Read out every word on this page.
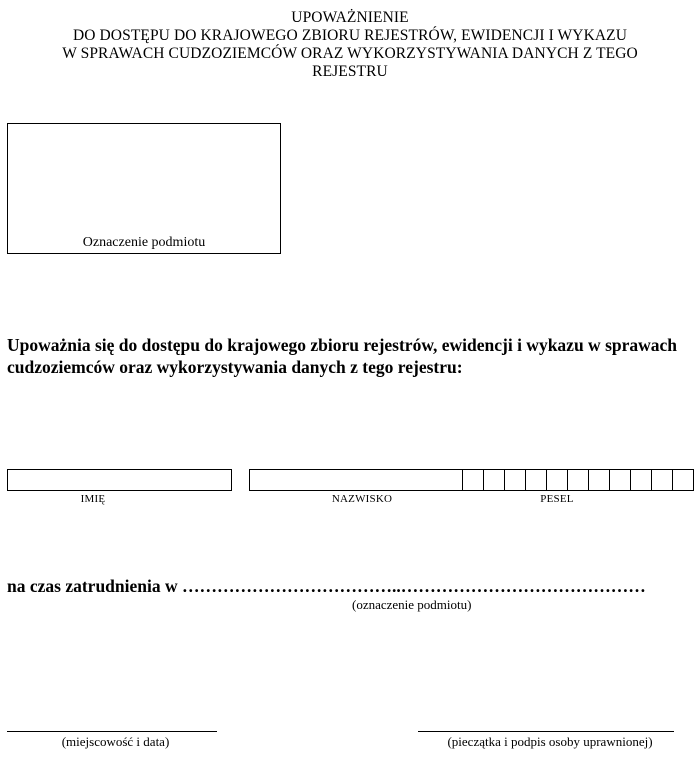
UPOWAŻNIENIE
DO DOSTĘPU DO KRAJOWEGO ZBIORU REJESTRÓW, EWIDENCJI I WYKAZU
W SPRAWACH CUDZOZIEMCÓW ORAZ WYKORZYSTYWANIA DANYCH Z TEGO
REJESTRU
Oznaczenie podmiotu
Upoważnia się do dostępu do krajowego zbioru rejestrów, ewidencji i wykazu w sprawach
cudzoziemców oraz wykorzystywania danych z tego rejestru:
IMIĘ	NAZWISKO	PESEL
na czas zatrudnienia w ………………………………..……………………………………
(oznaczenie podmiotu)
(miejscowość i data)	(pieczątka i podpis osoby uprawnionej)
